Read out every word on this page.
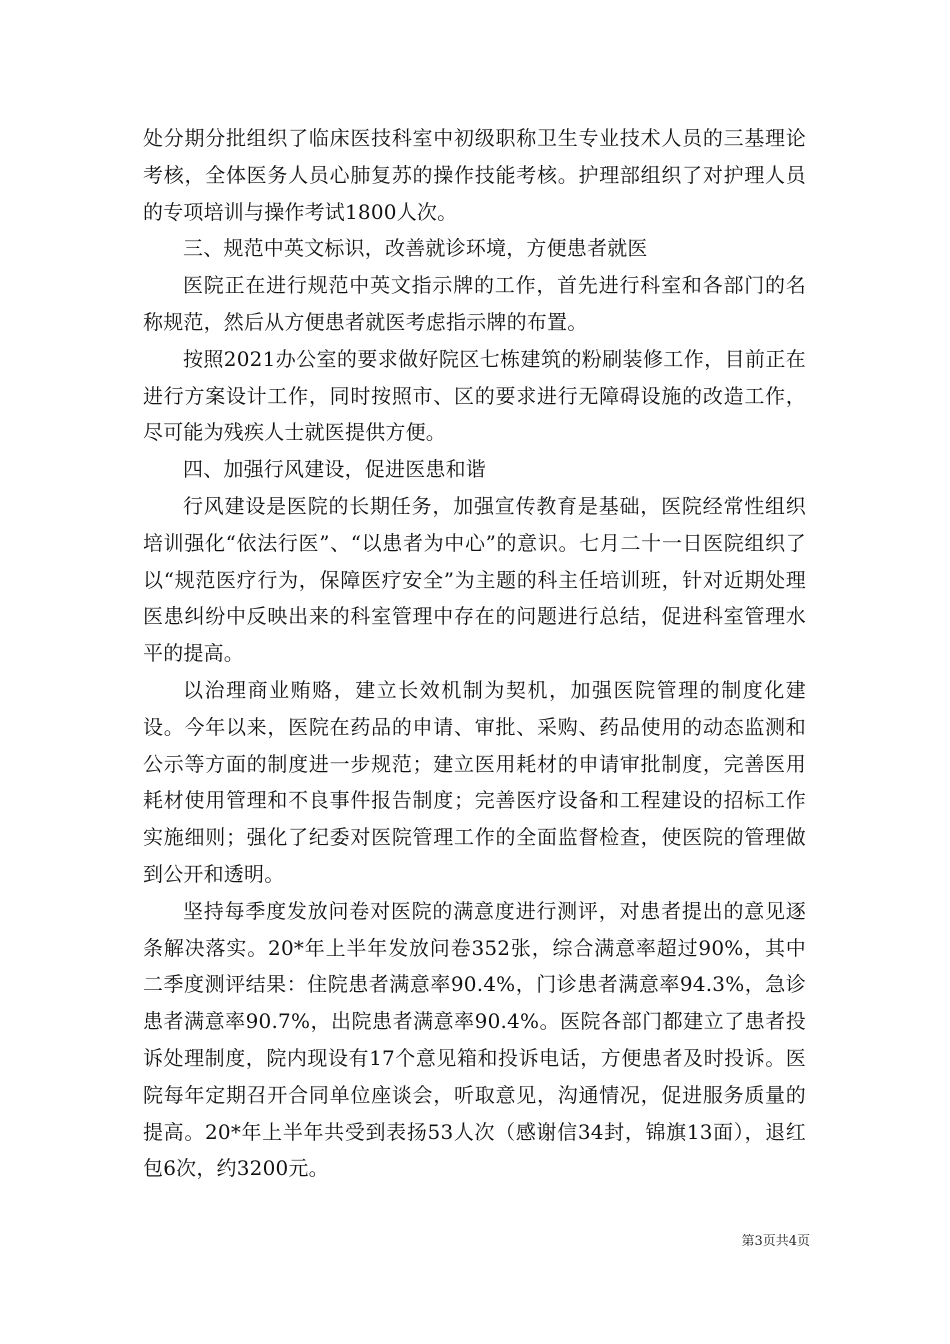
处分期分批组织了临床医技科室中初级职称卫生专业技术人员的三基理论考核，全体医务人员心肺复苏的操作技能考核。护理部组织了对护理人员的专项培训与操作考试1800人次。

三、规范中英文标识，改善就诊环境，方便患者就医

医院正在进行规范中英文指示牌的工作，首先进行科室和各部门的名称规范，然后从方便患者就医考虑指示牌的布置。

按照2021办公室的要求做好院区七栋建筑的粉刷装修工作，目前正在进行方案设计工作，同时按照市、区的要求进行无障碍设施的改造工作，尽可能为残疾人士就医提供方便。

四、加强行风建设，促进医患和谐

行风建设是医院的长期任务，加强宣传教育是基础，医院经常性组织培训强化“依法行医”、“以患者为中心”的意识。七月二十一日医院组织了以“规范医疗行为，保障医疗安全”为主题的科主任培训班，针对近期处理医患纠纷中反映出来的科室管理中存在的问题进行总结，促进科室管理水平的提高。

以治理商业贿赂，建立长效机制为契机，加强医院管理的制度化建设。今年以来，医院在药品的申请、审批、采购、药品使用的动态监测和公示等方面的制度进一步规范；建立医用耗材的申请审批制度，完善医用耗材使用管理和不良事件报告制度；完善医疗设备和工程建设的招标工作实施细则；强化了纪委对医院管理工作的全面监督检查，使医院的管理做到公开和透明。

坚持每季度发放问卷对医院的满意度进行测评，对患者提出的意见逐条解决落实。20*年上半年发放问卷352张，综合满意率超过90%，其中二季度测评结果：住院患者满意率90.4%，门诊患者满意率94.3%，急诊患者满意率90.7%，出院患者满意率90.4%。医院各部门都建立了患者投诉处理制度，院内现设有17个意见箱和投诉电话，方便患者及时投诉。医院每年定期召开合同单位座谈会，听取意见，沟通情况，促进服务质量的提高。20*年上半年共受到表扬53人次（感谢信34封，锦旗13面），退红包6次，约3200元。

第3页共4页
